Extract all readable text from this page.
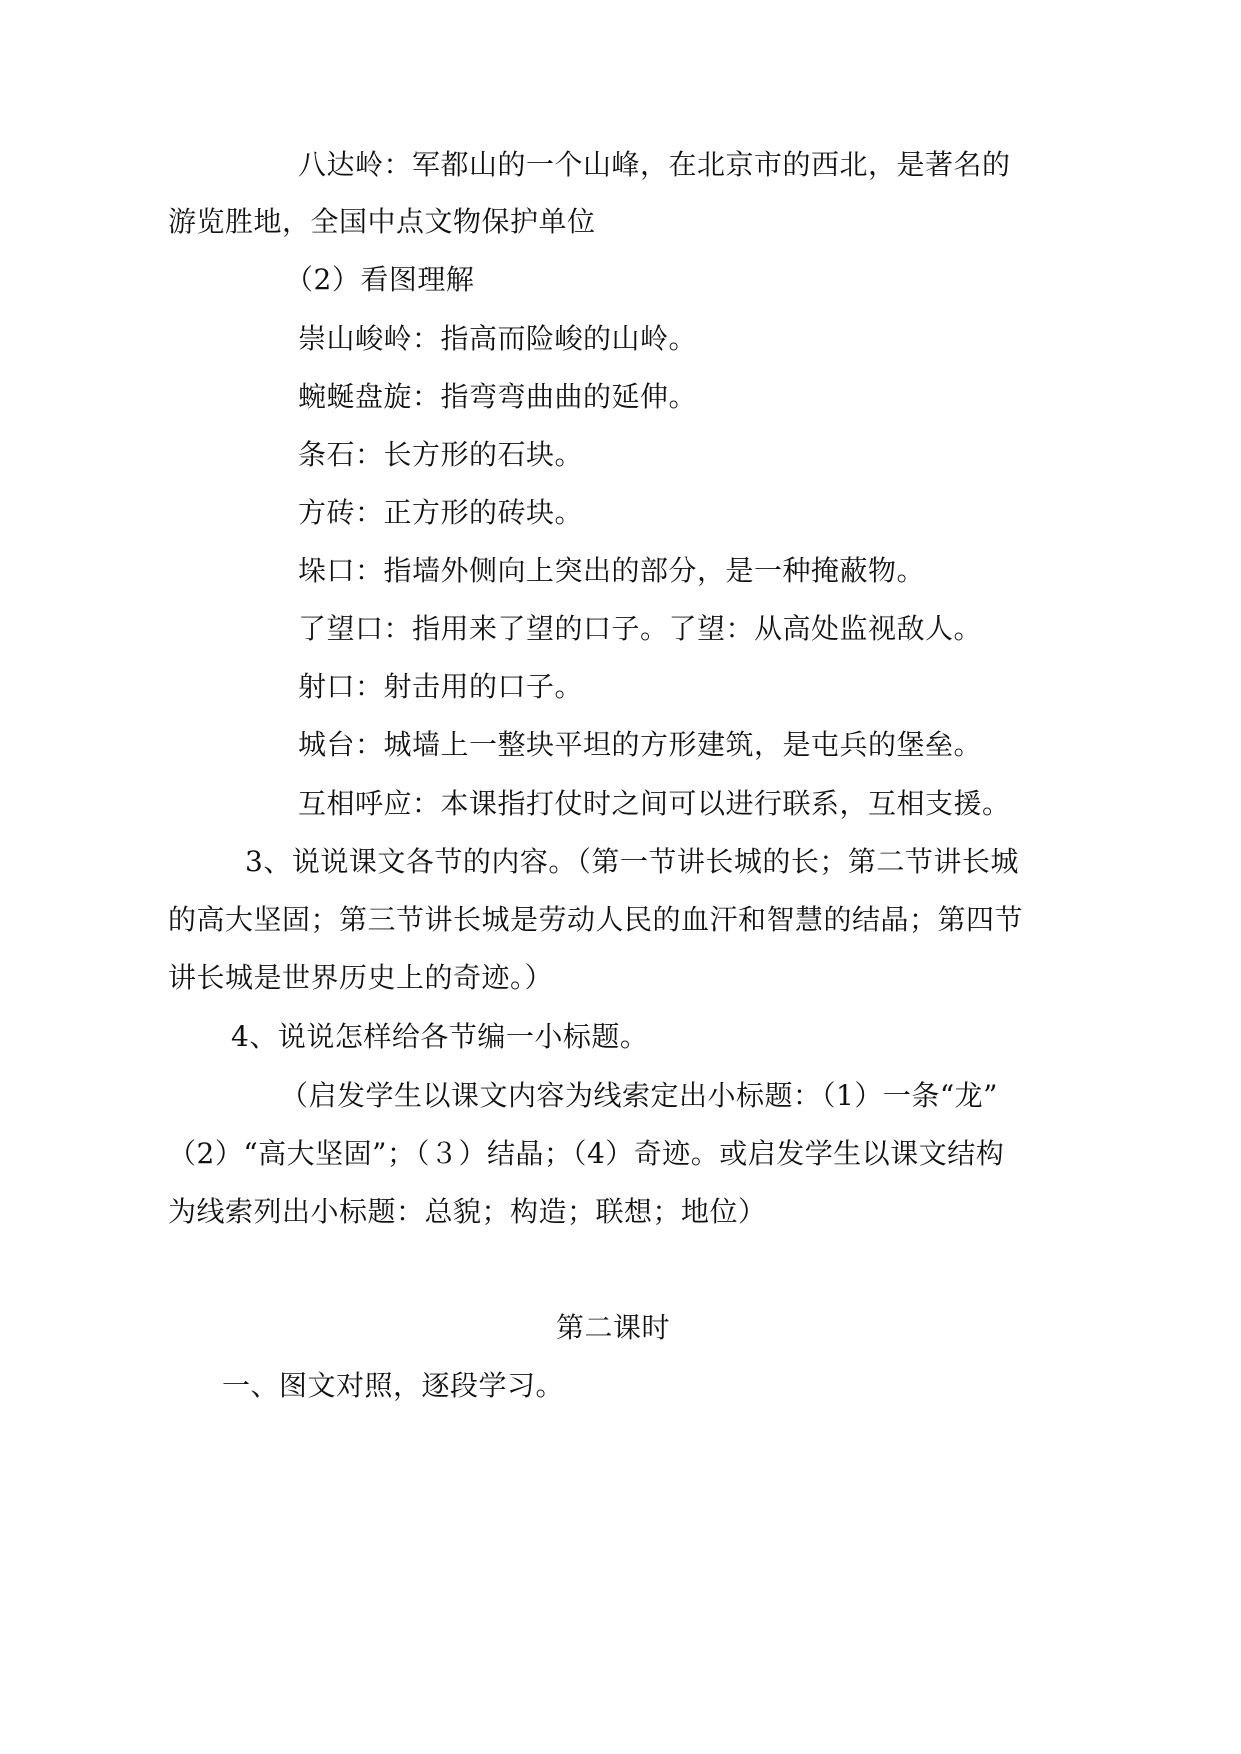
八达岭：军都山的一个山峰，在北京市的西北，是著名的
游览胜地，全国中点文物保护单位
（2）看图理解
崇山峻岭：指高而险峻的山岭。
蜿蜒盘旋：指弯弯曲曲的延伸。
条石：长方形的石块。
方砖：正方形的砖块。
垛口：指墙外侧向上突出的部分，是一种掩蔽物。
了望口：指用来了望的口子。了望：从高处监视敌人。
射口：射击用的口子。
城台：城墙上一整块平坦的方形建筑，是屯兵的堡垒。
互相呼应：本课指打仗时之间可以进行联系，互相支援。
3、说说课文各节的内容。（第一节讲长城的长；第二节讲长城
的高大坚固；第三节讲长城是劳动人民的血汗和智慧的结晶；第四节
讲长城是世界历史上的奇迹。）
4、说说怎样给各节编一小标题。
（启发学生以课文内容为线索定出小标题：（1）一条“龙”
（2）“高大坚固”；（３）结晶；（4）奇迹。或启发学生以课文结构
为线索列出小标题：总貌；构造；联想；地位）
第二课时
一、图文对照，逐段学习。
